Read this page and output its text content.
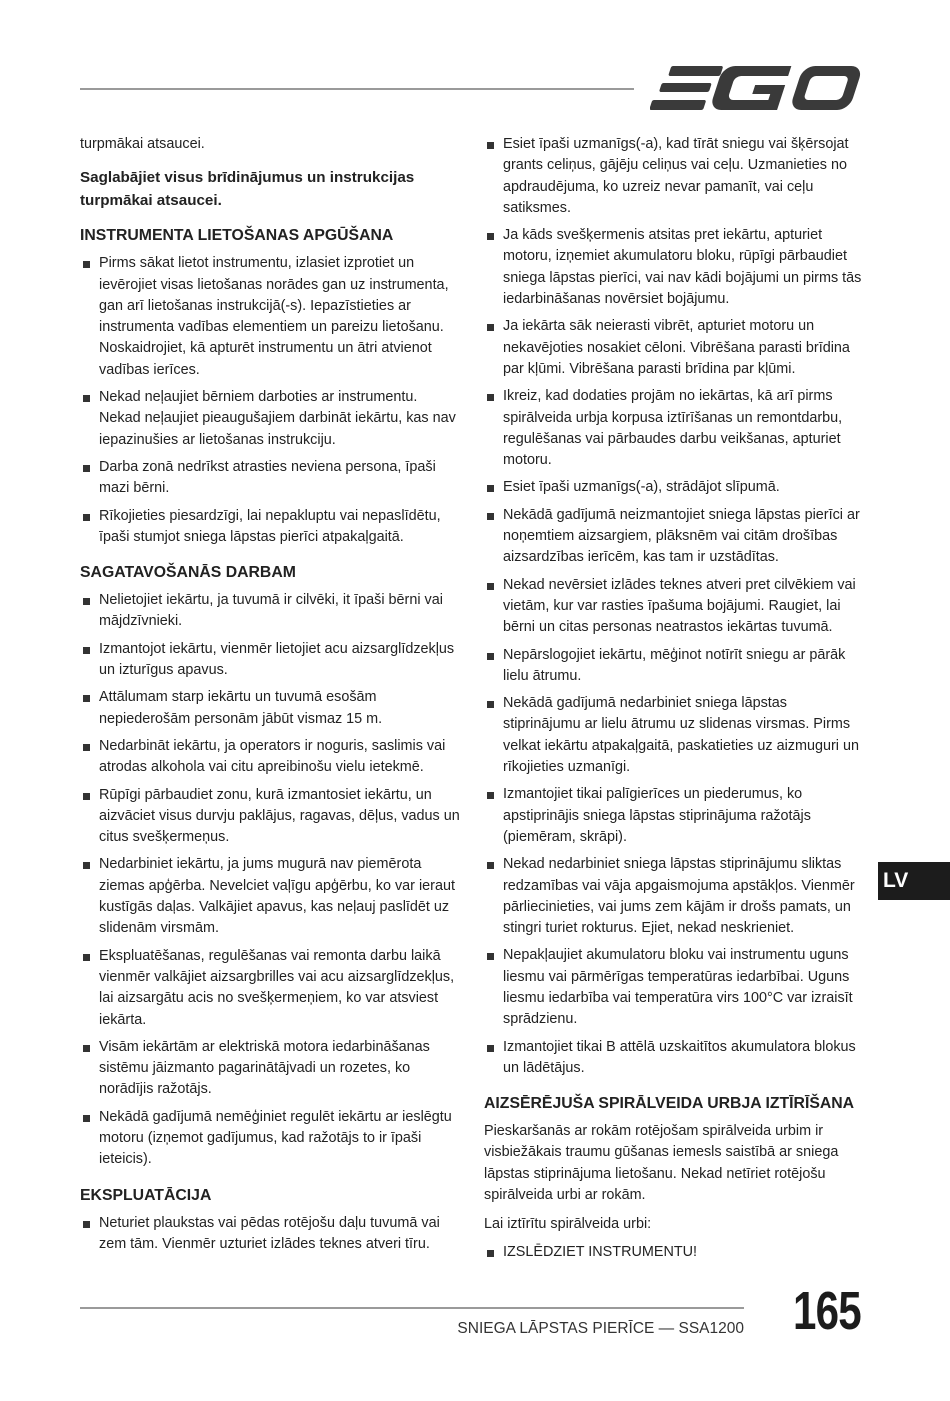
turpmākai atsaucei.

Saglabājiet visus brīdinājumus un instrukcijas turpmākai atsaucei.

INSTRUMENTA LIETOŠANAS APGŪŠANA
Pirms sākat lietot instrumentu, izlasiet izprotiet un ievērojiet visas lietošanas norādes gan uz instrumenta, gan arī lietošanas instrukcijā(-s). Iepazīstieties ar instrumenta vadības elementiem un pareizu lietošanu. Noskaidrojiet, kā apturēt instrumentu un ātri atvienot vadības ierīces.
Nekad neļaujiet bērniem darboties ar instrumentu. Nekad neļaujiet pieaugušajiem darbināt iekārtu, kas nav iepazinušies ar lietošanas instrukciju.
Darba zonā nedrīkst atrasties neviena persona, īpaši mazi bērni.
Rīkojieties piesardzīgi, lai nepakluptu vai nepaslīdētu, īpaši stumjot sniega lāpstas pierīci atpakaļgaitā.
SAGATAVOŠANĀS DARBAM
Nelietojiet iekārtu, ja tuvumā ir cilvēki, it īpaši bērni vai mājdzīvnieki.
Izmantojot iekārtu, vienmēr lietojiet acu aizsarglīdzekļus un izturīgus apavus.
Attālumam starp iekārtu un tuvumā esošām nepiederošām personām jābūt vismaz 15 m.
Nedarbināt iekārtu, ja operators ir noguris, saslimis vai atrodas alkohola vai citu apreibinošu vielu ietekmē.
Rūpīgi pārbaudiet zonu, kurā izmantosiet iekārtu, un aizvāciet visus durvju paklājus, ragavas, dēļus, vadus un citus svešķermeņus.
Nedarbiniet iekārtu, ja jums mugurā nav piemērota ziemas apģērba. Nevelciet vaļīgu apģērbu, ko var ieraut kustīgās daļas. Valkājiet apavus, kas neļauj paslīdēt uz slidenām virsmām.
Ekspluatēšanas, regulēšanas vai remonta darbu laikā vienmēr valkājiet aizsargbrilles vai acu aizsarglīdzekļus, lai aizsargātu acis no svešķermeņiem, ko var atsviest iekārta.
Visām iekārtām ar elektriskā motora iedarbināšanas sistēmu jāizmanto pagarinātājvadi un rozetes, ko norādījis ražotājs.
Nekādā gadījumā nemēģiniet regulēt iekārtu ar ieslēgtu motoru (izņemot gadījumus, kad ražotājs to ir īpaši ieteicis).
EKSPLUATĀCIJA
Neturiet plaukstas vai pēdas rotējošu daļu tuvumā vai zem tām. Vienmēr uzturiet izlādes teknes atveri tīru.
Esiet īpaši uzmanīgs(-a), kad tīrāt sniegu vai šķērsojat grants celiņus, gājēju celiņus vai ceļu. Uzmanieties no apdraudējuma, ko uzreiz nevar pamanīt, vai ceļu satiksmes.
Ja kāds svešķermenis atsitas pret iekārtu, apturiet motoru, izņemiet akumulatoru bloku, rūpīgi pārbaudiet sniega lāpstas pierīci, vai nav kādi bojājumi un pirms tās iedarbināšanas novērsiet bojājumu.
Ja iekārta sāk neierasti vibrēt, apturiet motoru un nekavējoties nosakiet cēloni. Vibrēšana parasti brīdina par kļūmi. Vibrēšana parasti brīdina par kļūmi.
Ikreiz, kad dodaties projām no iekārtas, kā arī pirms spirālveida urbja korpusa iztīrīšanas un remontdarbu, regulēšanas vai pārbaudes darbu veikšanas, apturiet motoru.
Esiet īpaši uzmanīgs(-a), strādājot slīpumā.
Nekādā gadījumā neizmantojiet sniega lāpstas pierīci ar noņemtiem aizsargiem, plāksnēm vai citām drošības aizsardzības ierīcēm, kas tam ir uzstādītas.
Nekad nevērsiet izlādes teknes atveri pret cilvēkiem vai vietām, kur var rasties īpašuma bojājumi. Raugiet, lai bērni un citas personas neatrastos iekārtas tuvumā.
Nepārslogojiet iekārtu, mēģinot notīrīt sniegu ar pārāk lielu ātrumu.
Nekādā gadījumā nedarbiniet sniega lāpstas stiprinājumu ar lielu ātrumu uz slidenas virsmas. Pirms velkat iekārtu atpakaļgaitā, paskatieties uz aizmuguri un rīkojieties uzmanīgi.
Izmantojiet tikai palīgierīces un piederumus, ko apstiprinājis sniega lāpstas stiprinājuma ražotājs (piemēram, skrāpi).
Nekad nedarbiniet sniega lāpstas stiprinājumu sliktas redzamības vai vāja apgaismojuma apstākļos. Vienmēr pārliecinieties, vai jums zem kājām ir drošs pamats, un stingri turiet rokturus. Ejiet, nekad neskrieniet.
Nepakļaujiet akumulatoru bloku vai instrumentu uguns liesmu vai pārmērīgas temperatūras iedarbībai. Uguns liesmu iedarbība vai temperatūra virs 100°C var izraisīt sprādzienu.
Izmantojiet tikai B attēlā uzskaitītos akumulatora blokus un lādētājus.
AIZSĒRĒJUŠA SPIRĀLVEIDA URBJA IZTĪRĪŠANA

Pieskaršanās ar rokām rotējošam spirālveida urbim ir visbiežākais traumu gūšanas iemesls saistībā ar sniega lāpstas stiprinājuma lietošanu. Nekad netīriet rotējošu spirālveida urbi ar rokām.

Lai iztīrītu spirālveida urbi:

IZSLĒDZIET INSTRUMENTU!
LV
SNIEGA LĀPSTAS PIERĪCE — SSA1200 165
